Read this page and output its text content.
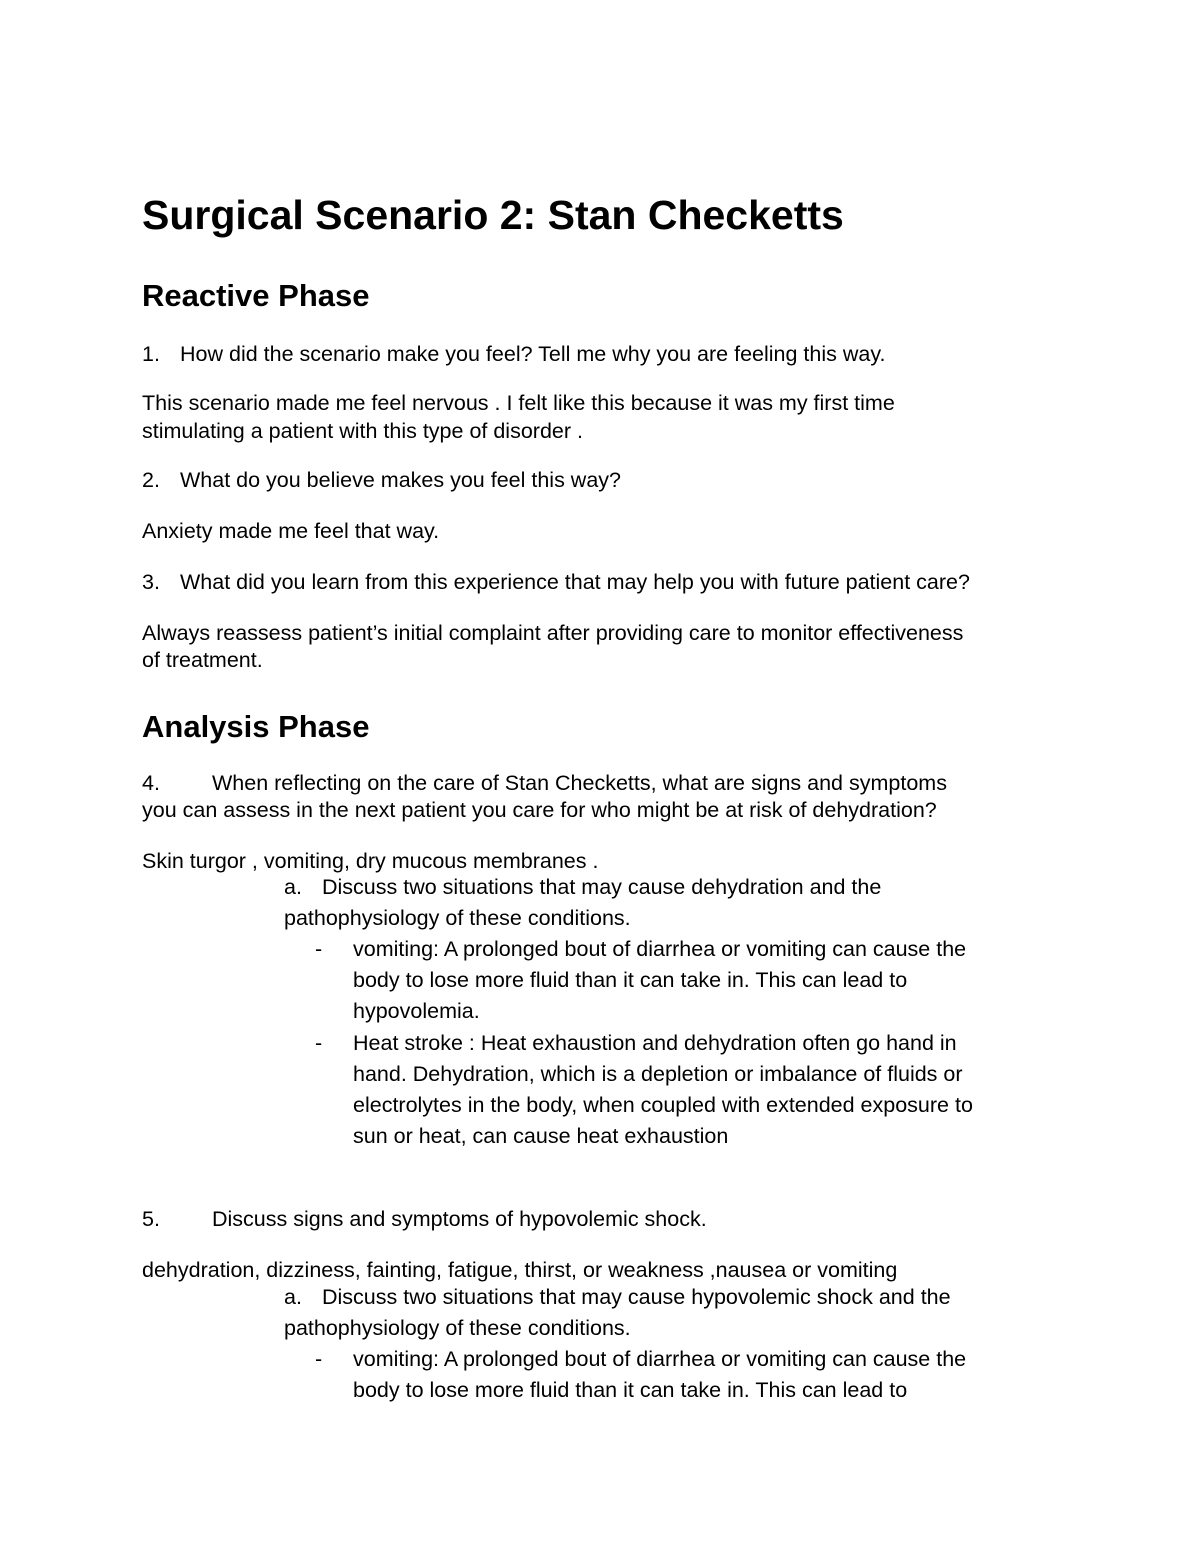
Surgical Scenario 2: Stan Checketts
Reactive Phase
1. How did the scenario make you feel? Tell me why you are feeling this way.
This scenario made me feel nervous . I felt like this because it was my first time
stimulating a patient with this type of disorder .
2. What do you believe makes you feel this way?
Anxiety made me feel that way.
3. What did you learn from this experience that may help you with future patient care?
Always reassess patient’s initial complaint after providing care to monitor effectiveness
of treatment.
Analysis Phase
4. When reflecting on the care of Stan Checketts, what are signs and symptoms
you can assess in the next patient you care for who might be at risk of dehydration?
Skin turgor , vomiting, dry mucous membranes .
a. Discuss two situations that may cause dehydration and the
pathophysiology of these conditions.
- vomiting: A prolonged bout of diarrhea or vomiting can cause the
body to lose more fluid than it can take in. This can lead to
hypovolemia.
- Heat stroke : Heat exhaustion and dehydration often go hand in
hand. Dehydration, which is a depletion or imbalance of fluids or
electrolytes in the body, when coupled with extended exposure to
sun or heat, can cause heat exhaustion
5. Discuss signs and symptoms of hypovolemic shock.
dehydration, dizziness, fainting, fatigue, thirst, or weakness ,nausea or vomiting
a. Discuss two situations that may cause hypovolemic shock and the
pathophysiology of these conditions.
- vomiting: A prolonged bout of diarrhea or vomiting can cause the
body to lose more fluid than it can take in. This can lead to
